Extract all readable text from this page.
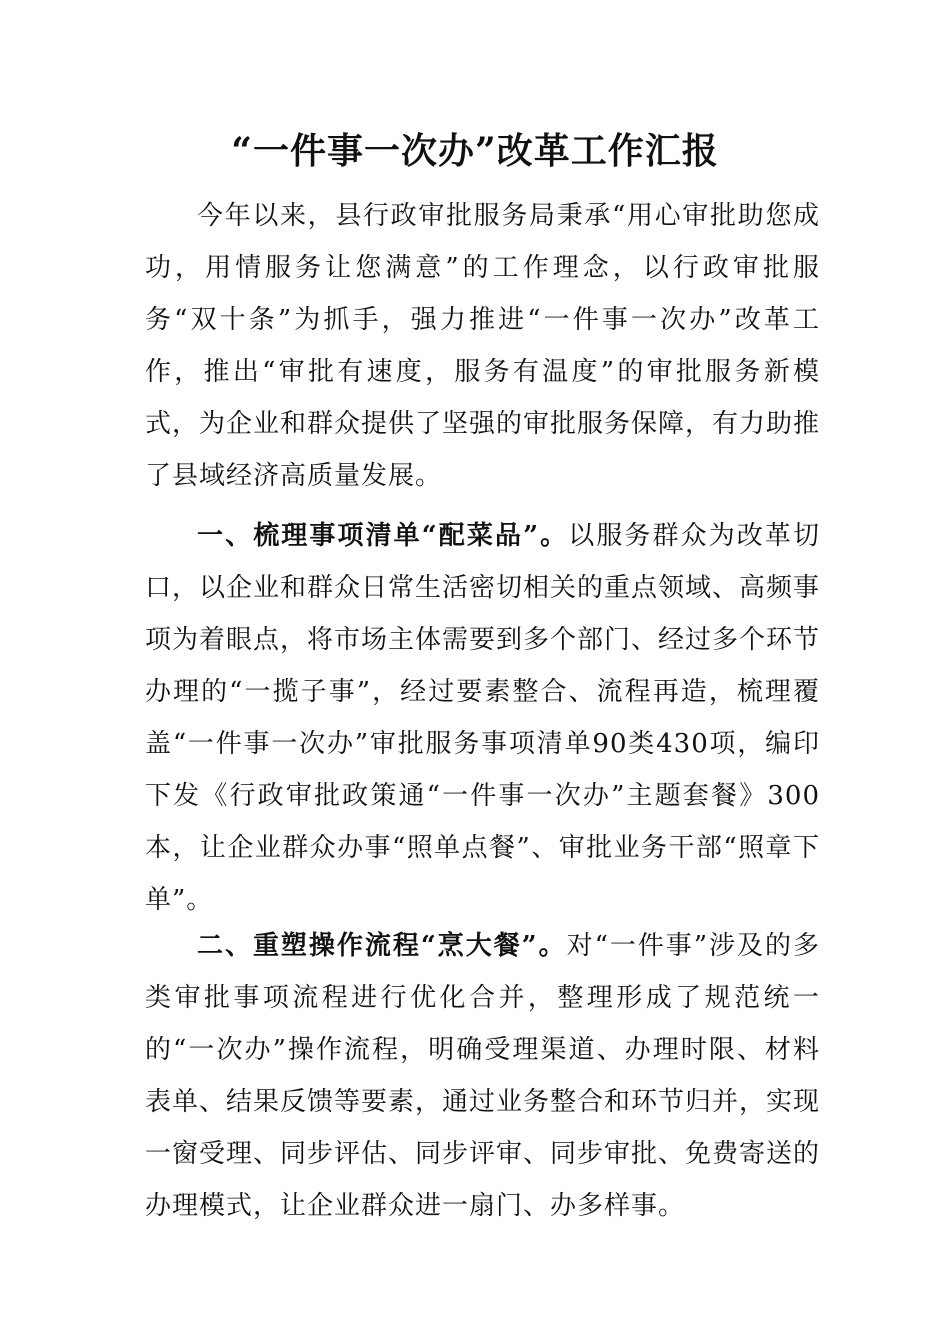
“一件事一次办”改革工作汇报

今年以来，县行政审批服务局秉承“用心审批助您成功，用情服务让您满意”的工作理念，以行政审批服务“双十条”为抓手，强力推进“一件事一次办”改革工作，推出“审批有速度，服务有温度”的审批服务新模式，为企业和群众提供了坚强的审批服务保障，有力助推了县域经济高质量发展。

一、梳理事项清单“配菜品”。以服务群众为改革切口，以企业和群众日常生活密切相关的重点领域、高频事项为着眼点，将市场主体需要到多个部门、经过多个环节办理的“一揽子事”，经过要素整合、流程再造，梳理覆盖“一件事一次办”审批服务事项清单90类430项，编印下发《行政审批政策通“一件事一次办”主题套餐》300本，让企业群众办事“照单点餐”、审批业务干部“照章下单”。

二、重塑操作流程“烹大餐”。对“一件事”涉及的多类审批事项流程进行优化合并，整理形成了规范统一的“一次办”操作流程，明确受理渠道、办理时限、材料表单、结果反馈等要素，通过业务整合和环节归并，实现一窗受理、同步评估、同步评审、同步审批、免费寄送的办理模式，让企业群众进一扇门、办多样事。
